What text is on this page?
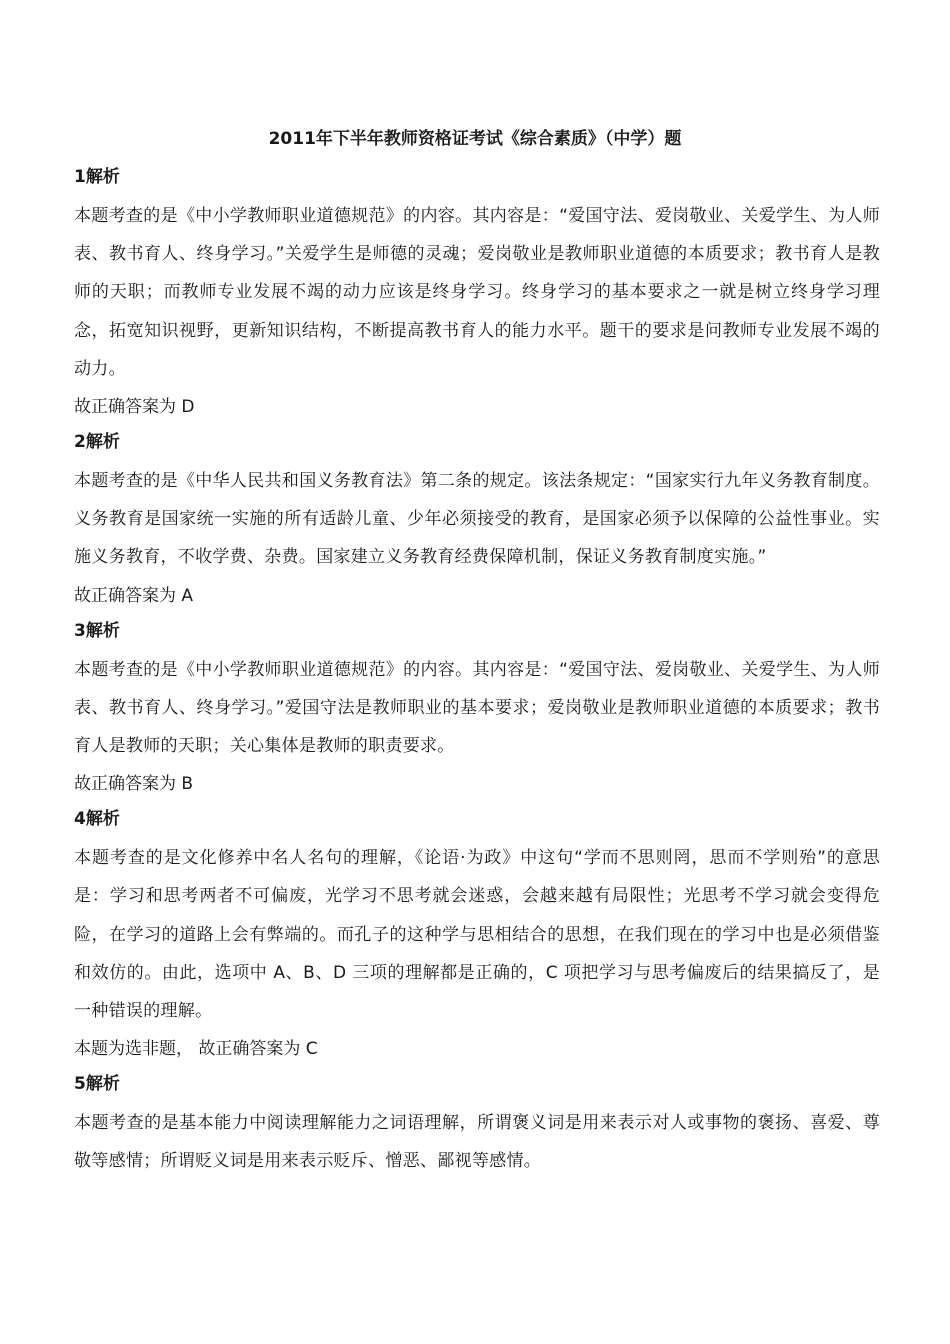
2011年下半年教师资格证考试《综合素质》（中学）题

1解析

本题考查的是《中小学教师职业道德规范》的内容。其内容是：“爱国守法、爱岗敬业、关爱学生、为人师表、教书育人、终身学习。”关爱学生是师德的灵魂；爱岗敬业是教师职业道德的本质要求；教书育人是教师的天职；而教师专业发展不竭的动力应该是终身学习。终身学习的基本要求之一就是树立终身学习理念，拓宽知识视野，更新知识结构，不断提高教书育人的能力水平。题干的要求是问教师专业发展不竭的动力。

故正确答案为 D

2解析

本题考查的是《中华人民共和国义务教育法》第二条的规定。该法条规定：“国家实行九年义务教育制度。义务教育是国家统一实施的所有适龄儿童、少年必须接受的教育，是国家必须予以保障的公益性事业。实施义务教育，不收学费、杂费。国家建立义务教育经费保障机制，保证义务教育制度实施。”

故正确答案为 A

3解析

本题考查的是《中小学教师职业道德规范》的内容。其内容是：“爱国守法、爱岗敬业、关爱学生、为人师表、教书育人、终身学习。”爱国守法是教师职业的基本要求；爱岗敬业是教师职业道德的本质要求；教书育人是教师的天职；关心集体是教师的职责要求。

故正确答案为 B

4解析

本题考查的是文化修养中名人名句的理解，《论语·为政》中这句“学而不思则罔，思而不学则殆”的意思是：学习和思考两者不可偏废，光学习不思考就会迷惑，会越来越有局限性；光思考不学习就会变得危险，在学习的道路上会有弊端的。而孔子的这种学与思相结合的思想，在我们现在的学习中也是必须借鉴和效仿的。由此，选项中 A、B、D 三项的理解都是正确的，C 项把学习与思考偏废后的结果搞反了，是一种错误的理解。

本题为选非题， 故正确答案为 C

5解析

本题考查的是基本能力中阅读理解能力之词语理解，所谓褒义词是用来表示对人或事物的褒扬、喜爱、尊敬等感情；所谓贬义词是用来表示贬斥、憎恶、鄙视等感情。
